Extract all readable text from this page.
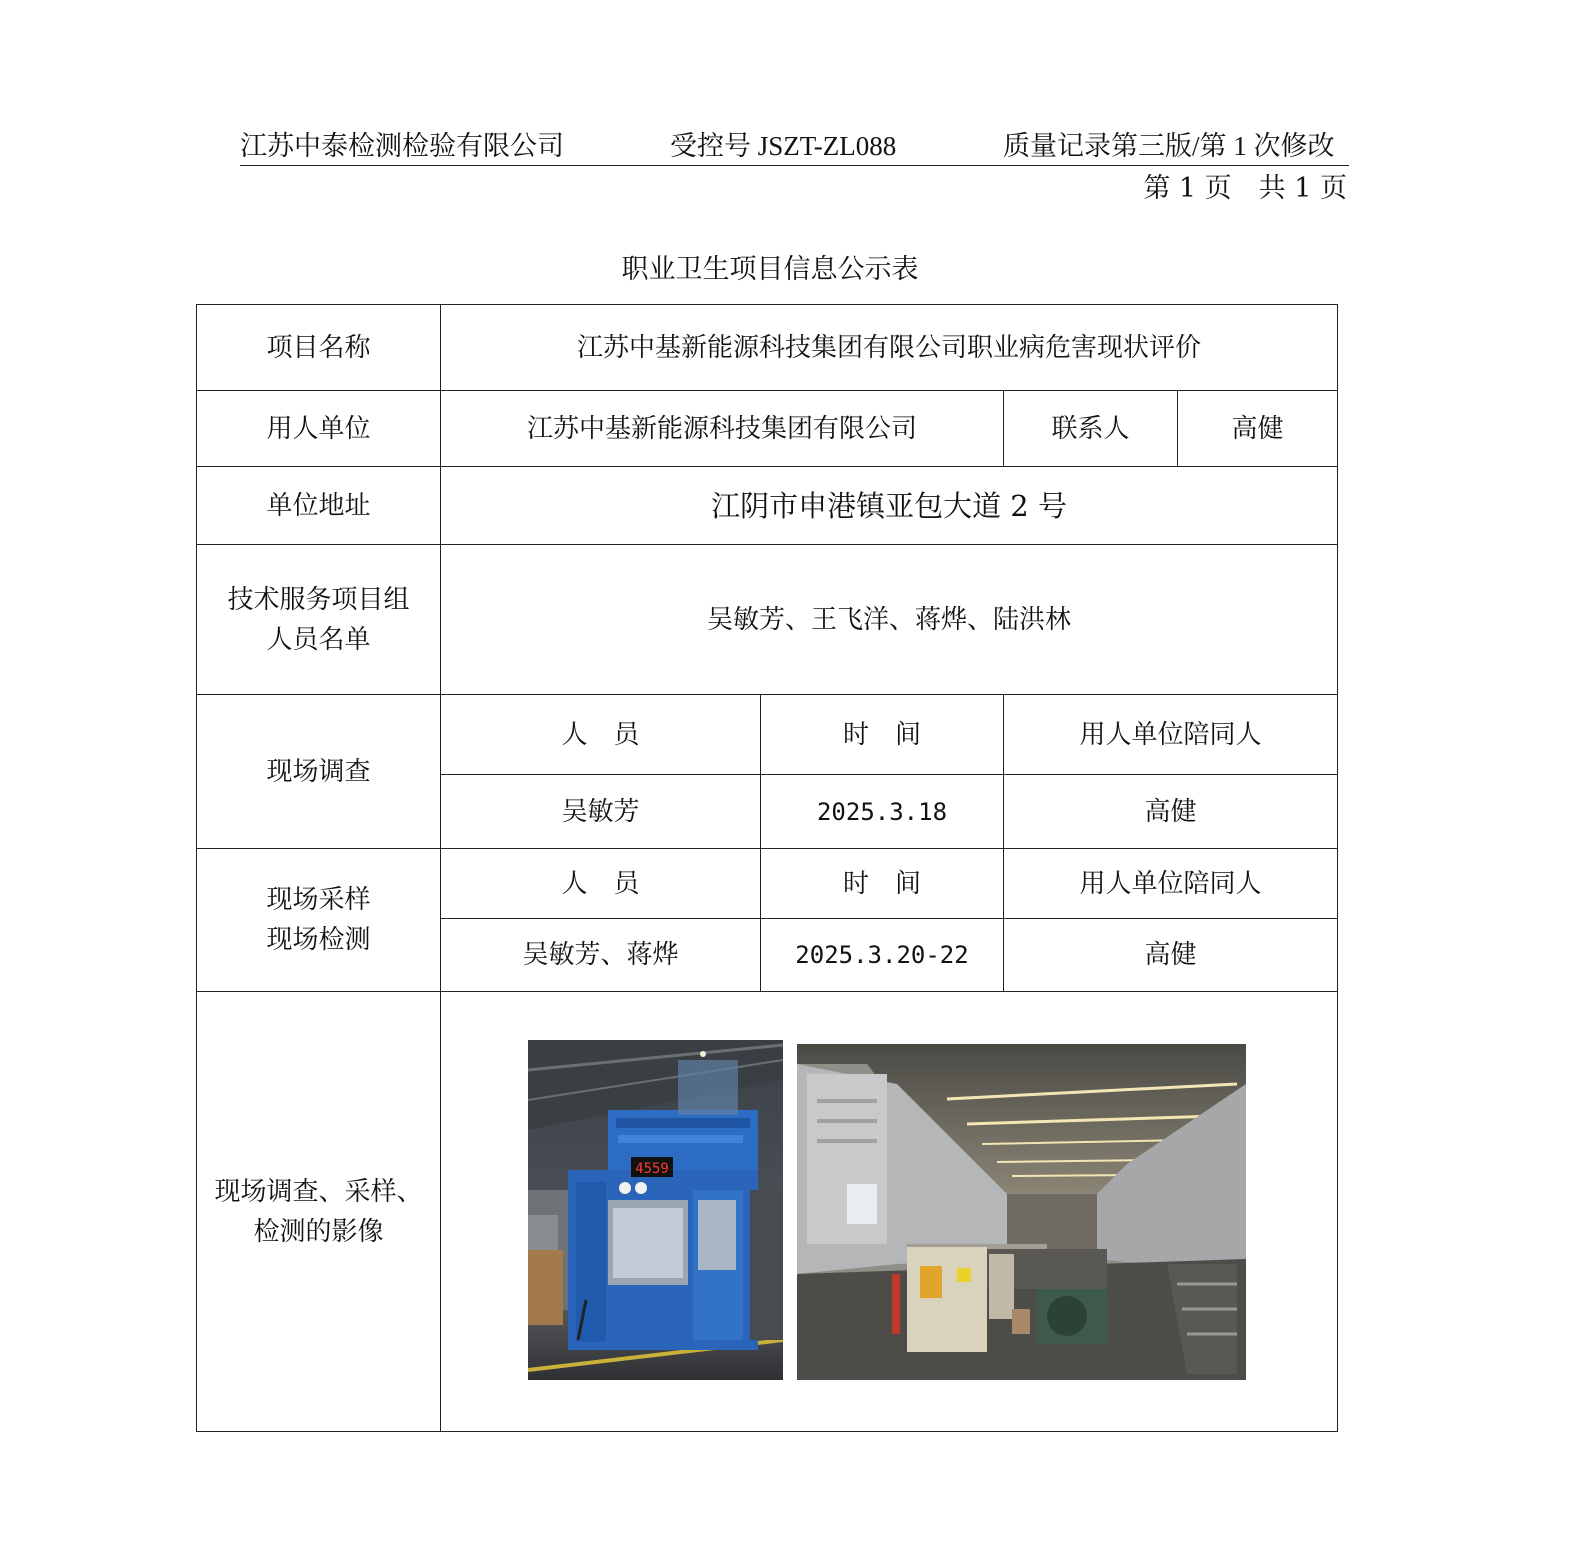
江苏中泰检测检验有限公司	受控号 JSZT-ZL088	质量记录第三版/第 1 次修改
第 1 页　共 1 页
职业卫生项目信息公示表
项目名称	江苏中基新能源科技集团有限公司职业病危害现状评价			
用人单位	江苏中基新能源科技集团有限公司		联系人	高健
单位地址	江阴市申港镇亚包大道 2 号			

技术服务项目组
人员名单	吴敏芳、王飞洋、蒋烨、陆洪林			
现场调查	人　员	时　间	用人单位陪同人	
	吴敏芳	2025.3.18	高健	

现场采样
现场检测	人　员	时　间	用人单位陪同人	
	吴敏芳、蒋烨	2025.3.20-22	高健	

现场调查、采样、
检测的影像	4559			
